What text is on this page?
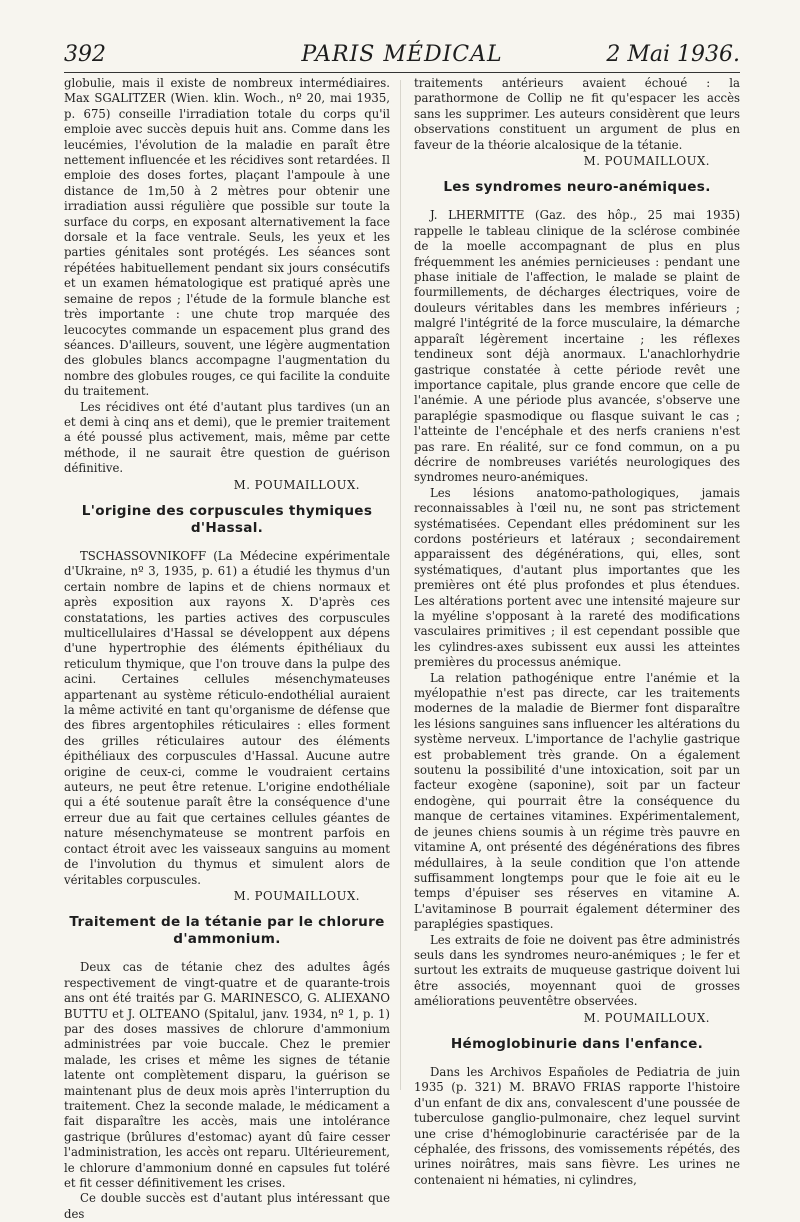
392	PARIS MÉDICAL	2 Mai 1936.

globulie, mais il existe de nombreux intermédiaires. Max SGALITZER (Wien. klin. Woch., nº 20, mai 1935, p. 675) conseille l'irradiation totale du corps qu'il emploie avec succès depuis huit ans. Comme dans les leucémies, l'évolution de la maladie en paraît être nettement influencée et les récidives sont retardées. Il emploie des doses fortes, plaçant l'ampoule à une distance de 1m,50 à 2 mètres pour obtenir une irradiation aussi régulière que possible sur toute la surface du corps, en exposant alternativement la face dorsale et la face ventrale. Seuls, les yeux et les parties génitales sont protégés. Les séances sont répétées habituellement pendant six jours consécutifs et un examen hématologique est pratiqué après une semaine de repos ; l'étude de la formule blanche est très importante : une chute trop marquée des leucocytes commande un espacement plus grand des séances. D'ailleurs, souvent, une légère augmentation des globules blancs accompagne l'augmentation du nombre des globules rouges, ce qui facilite la conduite du traitement.

Les récidives ont été d'autant plus tardives (un an et demi à cinq ans et demi), que le premier traitement a été poussé plus activement, mais, même par cette méthode, il ne saurait être question de guérison définitive.

M. POUMAILLOUX.
L'origine des corpuscules thymiques d'Hassal.

TSCHASSOVNIKOFF (La Médecine expérimentale d'Ukraine, nº 3, 1935, p. 61) a étudié les thymus d'un certain nombre de lapins et de chiens normaux et après exposition aux rayons X. D'après ces constatations, les parties actives des corpuscules multicellulaires d'Hassal se développent aux dépens d'une hypertrophie des éléments épithéliaux du reticulum thymique, que l'on trouve dans la pulpe des acini. Certaines cellules mésenchymateuses appartenant au système réticulo-endothélial auraient la même activité en tant qu'organisme de défense que des fibres argentophiles réticulaires : elles forment des grilles réticulaires autour des éléments épithéliaux des corpuscules d'Hassal. Aucune autre origine de ceux-ci, comme le voudraient certains auteurs, ne peut être retenue. L'origine endothéliale qui a été soutenue paraît être la conséquence d'une erreur due au fait que certaines cellules géantes de nature mésenchymateuse se montrent parfois en contact étroit avec les vaisseaux sanguins au moment de l'involution du thymus et simulent alors de véritables corpuscules.

M. POUMAILLOUX.
Traitement de la tétanie par le chlorure d'ammonium.

Deux cas de tétanie chez des adultes âgés respectivement de vingt-quatre et de quarante-trois ans ont été traités par G. MARINESCO, G. ALIEXANO BUTTU et J. OLTEANO (Spitalul, janv. 1934, nº 1, p. 1) par des doses massives de chlorure d'ammonium administrées par voie buccale. Chez le premier malade, les crises et même les signes de tétanie latente ont complètement disparu, la guérison se maintenant plus de deux mois après l'interruption du traitement. Chez la seconde malade, le médicament a fait disparaître les accès, mais une intolérance gastrique (brûlures d'estomac) ayant dû faire cesser l'administration, les accès ont reparu. Ultérieurement, le chlorure d'ammonium donné en capsules fut toléré et fit cesser définitivement les crises.

Ce double succès est d'autant plus intéressant que des

traitements antérieurs avaient échoué : la parathormone de Collip ne fit qu'espacer les accès sans les supprimer. Les auteurs considèrent que leurs observations constituent un argument de plus en faveur de la théorie alcalosique de la tétanie.

M. POUMAILLOUX.
Les syndromes neuro-anémiques.

J. LHERMITTE (Gaz. des hôp., 25 mai 1935) rappelle le tableau clinique de la sclérose combinée de la moelle accompagnant de plus en plus fréquemment les anémies pernicieuses : pendant une phase initiale de l'affection, le malade se plaint de fourmillements, de décharges électriques, voire de douleurs véritables dans les membres inférieurs ; malgré l'intégrité de la force musculaire, la démarche apparaît légèrement incertaine ; les réflexes tendineux sont déjà anormaux. L'anachlorhydrie gastrique constatée à cette période revêt une importance capitale, plus grande encore que celle de l'anémie. A une période plus avancée, s'observe une paraplégie spasmodique ou flasque suivant le cas ; l'atteinte de l'encéphale et des nerfs craniens n'est pas rare. En réalité, sur ce fond commun, on a pu décrire de nombreuses variétés neurologiques des syndromes neuro-anémiques.

Les lésions anatomo-pathologiques, jamais reconnaissables à l'œil nu, ne sont pas strictement systématisées. Cependant elles prédominent sur les cordons postérieurs et latéraux ; secondairement apparaissent des dégénérations, qui, elles, sont systématiques, d'autant plus importantes que les premières ont été plus profondes et plus étendues. Les altérations portent avec une intensité majeure sur la myéline s'opposant à la rareté des modifications vasculaires primitives ; il est cependant possible que les cylindres-axes subissent eux aussi les atteintes premières du processus anémique.

La relation pathogénique entre l'anémie et la myélopathie n'est pas directe, car les traitements modernes de la maladie de Biermer font disparaître les lésions sanguines sans influencer les altérations du système nerveux. L'importance de l'achylie gastrique est probablement très grande. On a également soutenu la possibilité d'une intoxication, soit par un facteur exogène (saponine), soit par un facteur endogène, qui pourrait être la conséquence du manque de certaines vitamines. Expérimentalement, de jeunes chiens soumis à un régime très pauvre en vitamine A, ont présenté des dégénérations des fibres médullaires, à la seule condition que l'on attende suffisamment longtemps pour que le foie ait eu le temps d'épuiser ses réserves en vitamine A. L'avitaminose B pourrait également déterminer des paraplégies spastiques.

Les extraits de foie ne doivent pas être administrés seuls dans les syndromes neuro-anémiques ; le fer et surtout les extraits de muqueuse gastrique doivent lui être associés, moyennant quoi de grosses améliorations peuventêtre observées.

M. POUMAILLOUX.
Hémoglobinurie dans l'enfance.

Dans les Archivos Españoles de Pediatria de juin 1935 (p. 321) M. BRAVO FRIAS rapporte l'histoire d'un enfant de dix ans, convalescent d'une poussée de tuberculose ganglio-pulmonaire, chez lequel survint une crise d'hémoglobinurie caractérisée par de la céphalée, des frissons, des vomissements répétés, des urines noirâtres, mais sans fièvre. Les urines ne contenaient ni hématies, ni cylindres,
